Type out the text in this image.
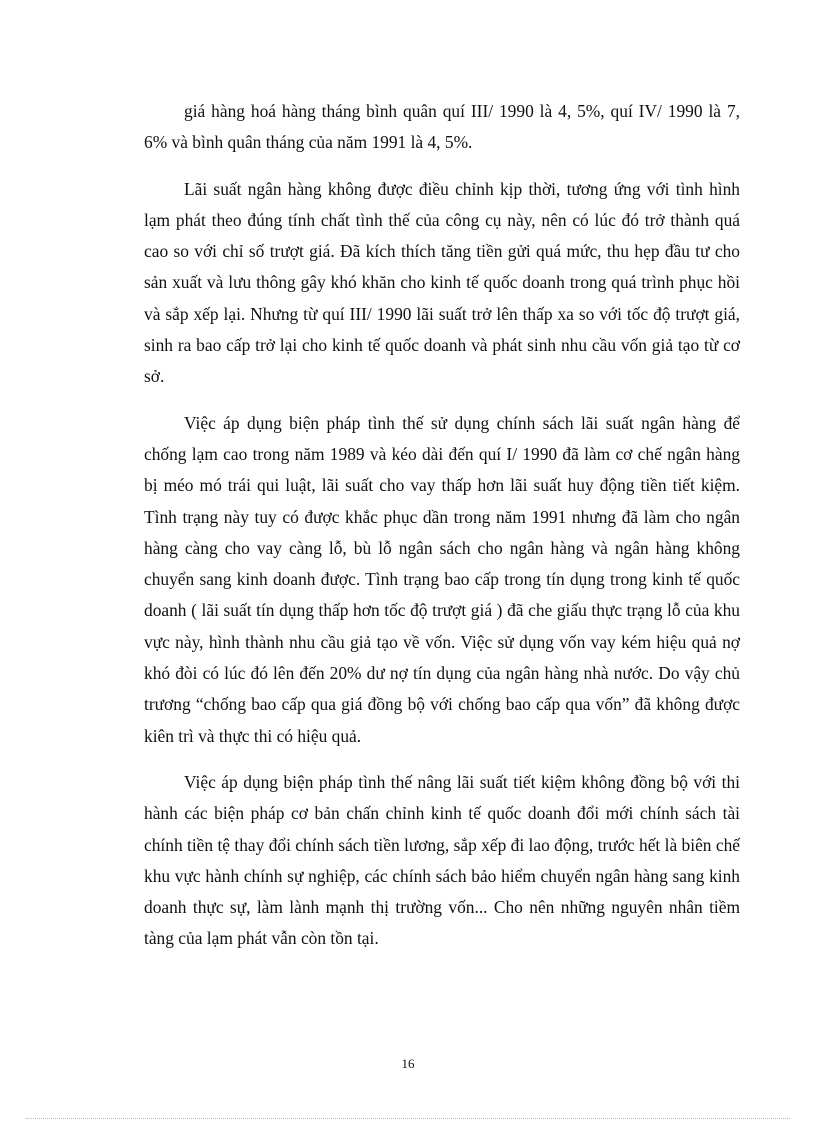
giá hàng hoá hàng tháng bình quân quí III/ 1990 là 4, 5%, quí IV/ 1990 là 7, 6% và bình quân tháng của năm 1991 là 4, 5%.

Lãi suất ngân hàng không được điều chỉnh kịp thời, tương ứng với tình hình lạm phát theo đúng tính chất tình thế của công cụ này, nên có lúc đó trở thành quá cao so với chỉ số trượt giá. Đã kích thích tăng tiền gửi quá mức, thu hẹp đầu tư cho sản xuất và lưu thông gây khó khăn cho kinh tế quốc doanh trong quá trình phục hồi và sắp xếp lại. Nhưng từ quí III/ 1990 lãi suất trở lên thấp xa so với tốc độ trượt giá, sinh ra bao cấp trở lại cho kinh tế quốc doanh và phát sinh nhu cầu vốn giả tạo từ cơ sở.

Việc áp dụng biện pháp tình thế sử dụng chính sách lãi suất ngân hàng để chống lạm cao trong năm 1989 và kéo dài đến quí I/ 1990 đã làm cơ chế ngân hàng bị méo mó trái qui luật, lãi suất cho vay thấp hơn lãi suất huy động tiền tiết kiệm. Tình trạng này tuy có được khắc phục dần trong năm 1991 nhưng đã làm cho ngân hàng càng cho vay càng lỗ, bù lỗ ngân sách cho ngân hàng và ngân hàng không chuyển sang kinh doanh được. Tình trạng bao cấp trong tín dụng trong kinh tế quốc doanh ( lãi suất tín dụng thấp hơn tốc độ trượt giá ) đã che giấu thực trạng lỗ của khu vực này, hình thành nhu cầu giả tạo về vốn. Việc sử dụng vốn vay kém hiệu quả nợ khó đòi có lúc đó lên đến 20% dư nợ tín dụng của ngân hàng nhà nước. Do vậy chủ trương “chống bao cấp qua giá đồng bộ với chống bao cấp qua vốn” đã không được kiên trì và thực thi có hiệu quả.

Việc áp dụng biện pháp tình thế nâng lãi suất tiết kiệm không đồng bộ với thi hành các biện pháp cơ bản chấn chỉnh kinh tế quốc doanh đổi mới chính sách tài chính tiền tệ thay đổi chính sách tiền lương, sắp xếp đi lao động, trước hết là biên chế khu vực hành chính sự nghiệp, các chính sách bảo hiểm chuyển ngân hàng sang kinh doanh thực sự, làm lành mạnh thị trường vốn... Cho nên những nguyên nhân tiềm tàng của lạm phát vẫn còn tồn tại.

16
